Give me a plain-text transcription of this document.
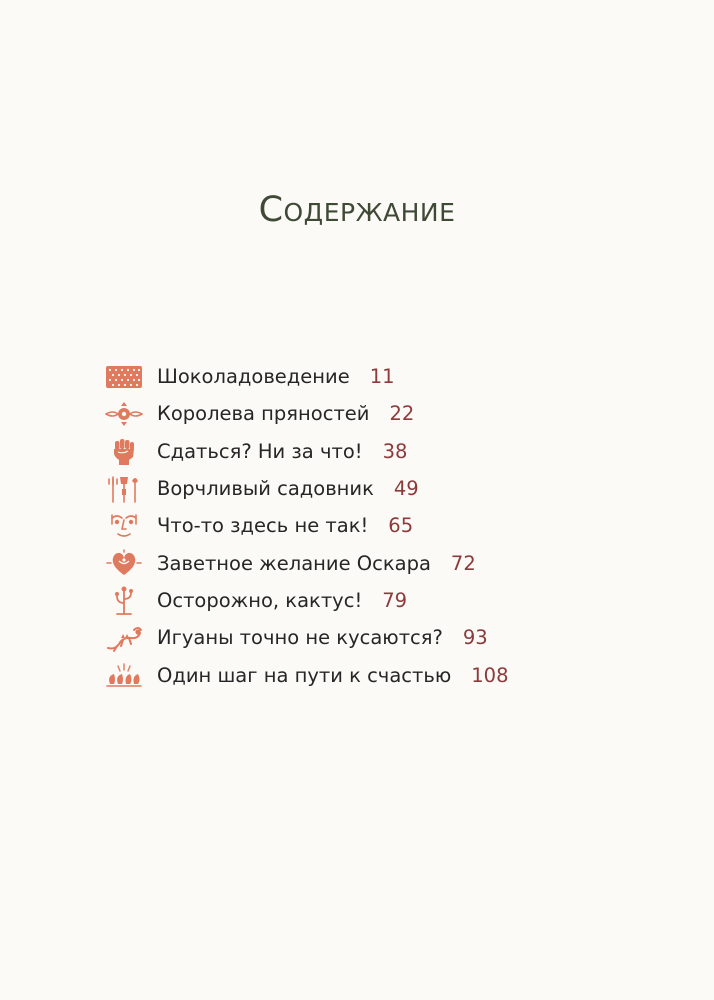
Содержание
Шоколадоведение 11
Королева пряностей 22
Сдаться? Ни за что! 38
Ворчливый садовник 49
Что-то здесь не так! 65
Заветное желание Оскара 72
Осторожно, кактус! 79
Игуаны точно не кусаются? 93
Один шаг на пути к счастью 108
